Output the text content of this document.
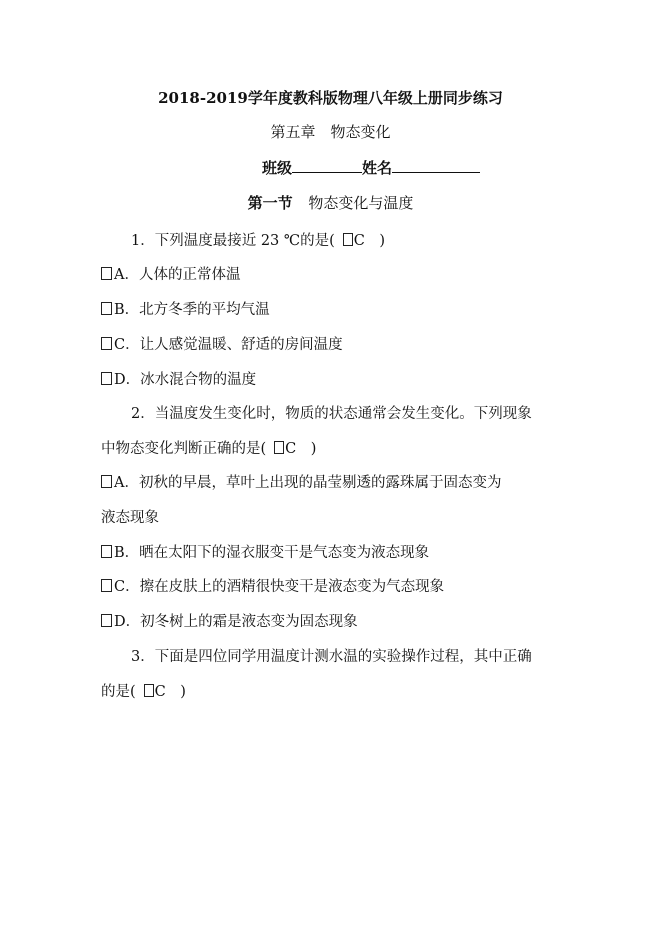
2018-2019学年度教科版物理八年级上册同步练习
第五章　物态变化
班级	姓名
第一节 物态变化与温度
1．下列温度最接近 23 ℃的是( C　)
A．人体的正常体温
B．北方冬季的平均气温
C．让人感觉温暖、舒适的房间温度
D．冰水混合物的温度
2．当温度发生变化时，物质的状态通常会发生变化。下列现象
中物态变化判断正确的是( C　)
A．初秋的早晨，草叶上出现的晶莹剔透的露珠属于固态变为
液态现象
B．晒在太阳下的湿衣服变干是气态变为液态现象
C．擦在皮肤上的酒精很快变干是液态变为气态现象
D．初冬树上的霜是液态变为固态现象
3．下面是四位同学用温度计测水温的实验操作过程，其中正确
的是( C　)
